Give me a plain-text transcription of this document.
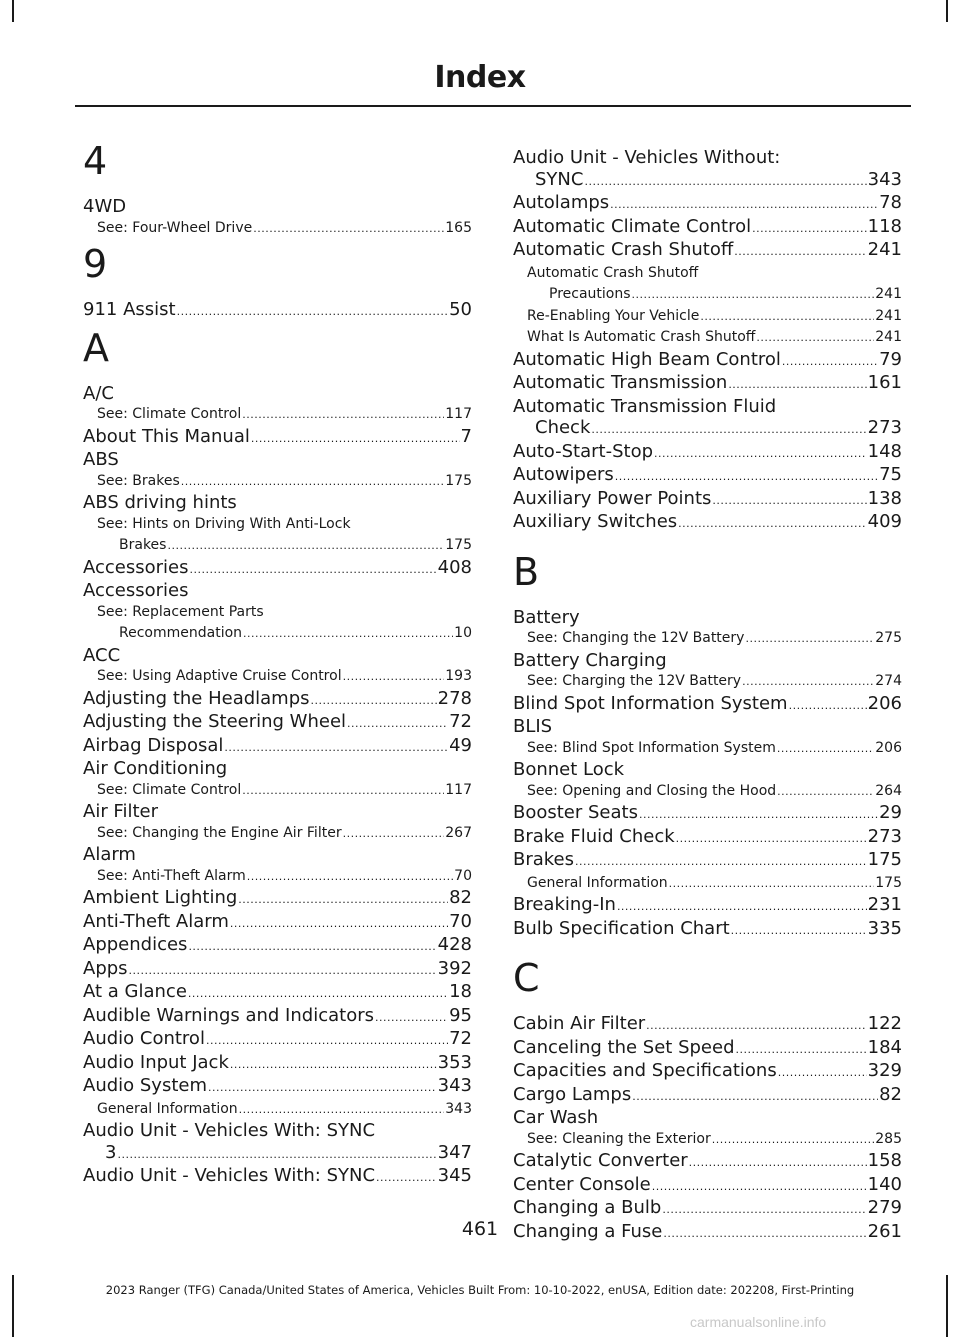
Index
4
4WD
See: Four-Wheel Drive .....	165
9
911 Assist .....	50
A
A/C
See: Climate Control .....	117
About This Manual .....	7
ABS
See: Brakes .....	175
ABS driving hints
See: Hints on Driving With Anti-Lock
Brakes .....	175
Accessories .....	408
Accessories
See: Replacement Parts
Recommendation .....	10
ACC
See: Using Adaptive Cruise Control .....	193
Adjusting the Headlamps .....	278
Adjusting the Steering Wheel .....	72
Airbag Disposal .....	49
Air Conditioning
See: Climate Control .....	117
Air Filter
See: Changing the Engine Air Filter .....	267
Alarm
See: Anti-Theft Alarm .....	70
Ambient Lighting .....	82
Anti-Theft Alarm .....	70
Appendices .....	428
Apps .....	392
At a Glance .....	18
Audible Warnings and Indicators .....	95
Audio Control .....	72
Audio Input Jack .....	353
Audio System .....	343
General Information .....	343
Audio Unit - Vehicles With: SYNC
3 .....	347
Audio Unit - Vehicles With: SYNC .....	345
Audio Unit - Vehicles Without:
SYNC .....	343
Autolamps .....	78
Automatic Climate Control .....	118
Automatic Crash Shutoff .....	241
Automatic Crash Shutoff
Precautions .....	241
Re-Enabling Your Vehicle .....	241
What Is Automatic Crash Shutoff .....	241
Automatic High Beam Control .....	79
Automatic Transmission .....	161
Automatic Transmission Fluid
Check .....	273
Auto-Start-Stop .....	148
Autowipers .....	75
Auxiliary Power Points .....	138
Auxiliary Switches .....	409
B
Battery
See: Changing the 12V Battery .....	275
Battery Charging
See: Charging the 12V Battery .....	274
Blind Spot Information System .....	206
BLIS
See: Blind Spot Information System .....	206
Bonnet Lock
See: Opening and Closing the Hood .....	264
Booster Seats .....	29
Brake Fluid Check .....	273
Brakes .....	175
General Information .....	175
Breaking-In .....	231
Bulb Specification Chart .....	335
C
Cabin Air Filter .....	122
Canceling the Set Speed .....	184
Capacities and Specifications .....	329
Cargo Lamps .....	82
Car Wash
See: Cleaning the Exterior .....	285
Catalytic Converter .....	158
Center Console .....	140
Changing a Bulb .....	279
Changing a Fuse .....	261
461
2023 Ranger (TFG) Canada/United States of America, Vehicles Built From: 10-10-2022, enUSA, Edition date: 202208, First-Printing
carmanualsonline.info
